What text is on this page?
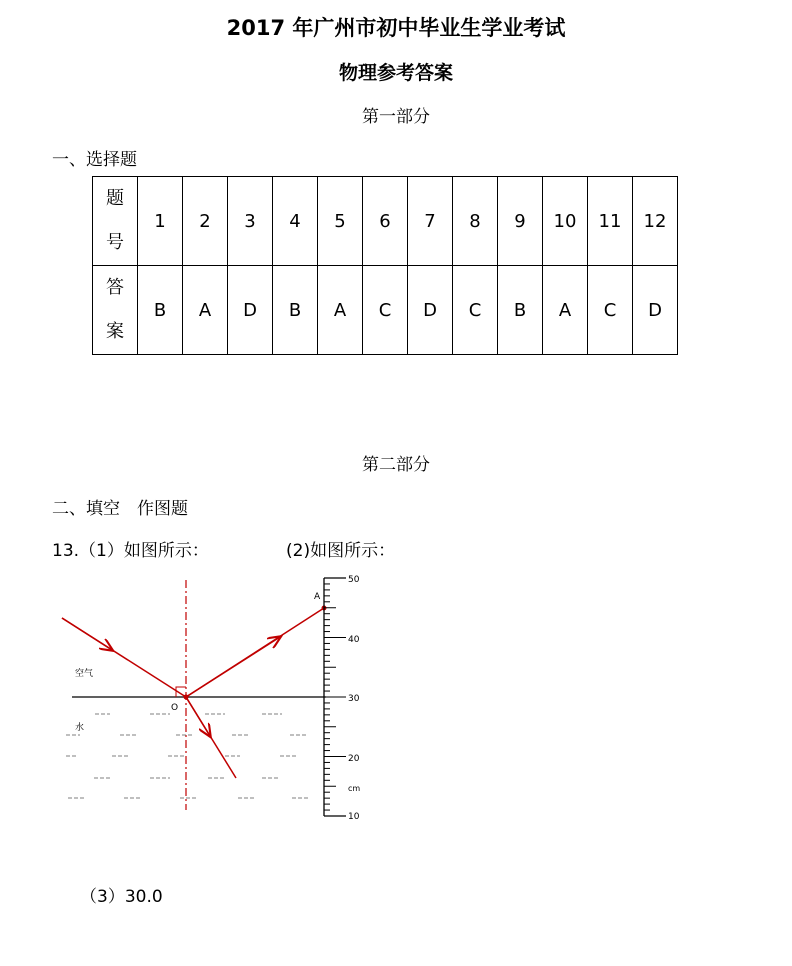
2017 年广州市初中毕业生学业考试
物理参考答案
第一部分
一、选择题
题
号	1	2	3	4	5	6	7	8	9	10	11	12

答
案	B	A	D	B	A	C	D	C	B	A	C	D
第二部分
二、填空　作图题
13.（1）如图所示：	(2)如图所示：
空气
水
O
A
50
40
30
20
10
cm
（3）30.0
